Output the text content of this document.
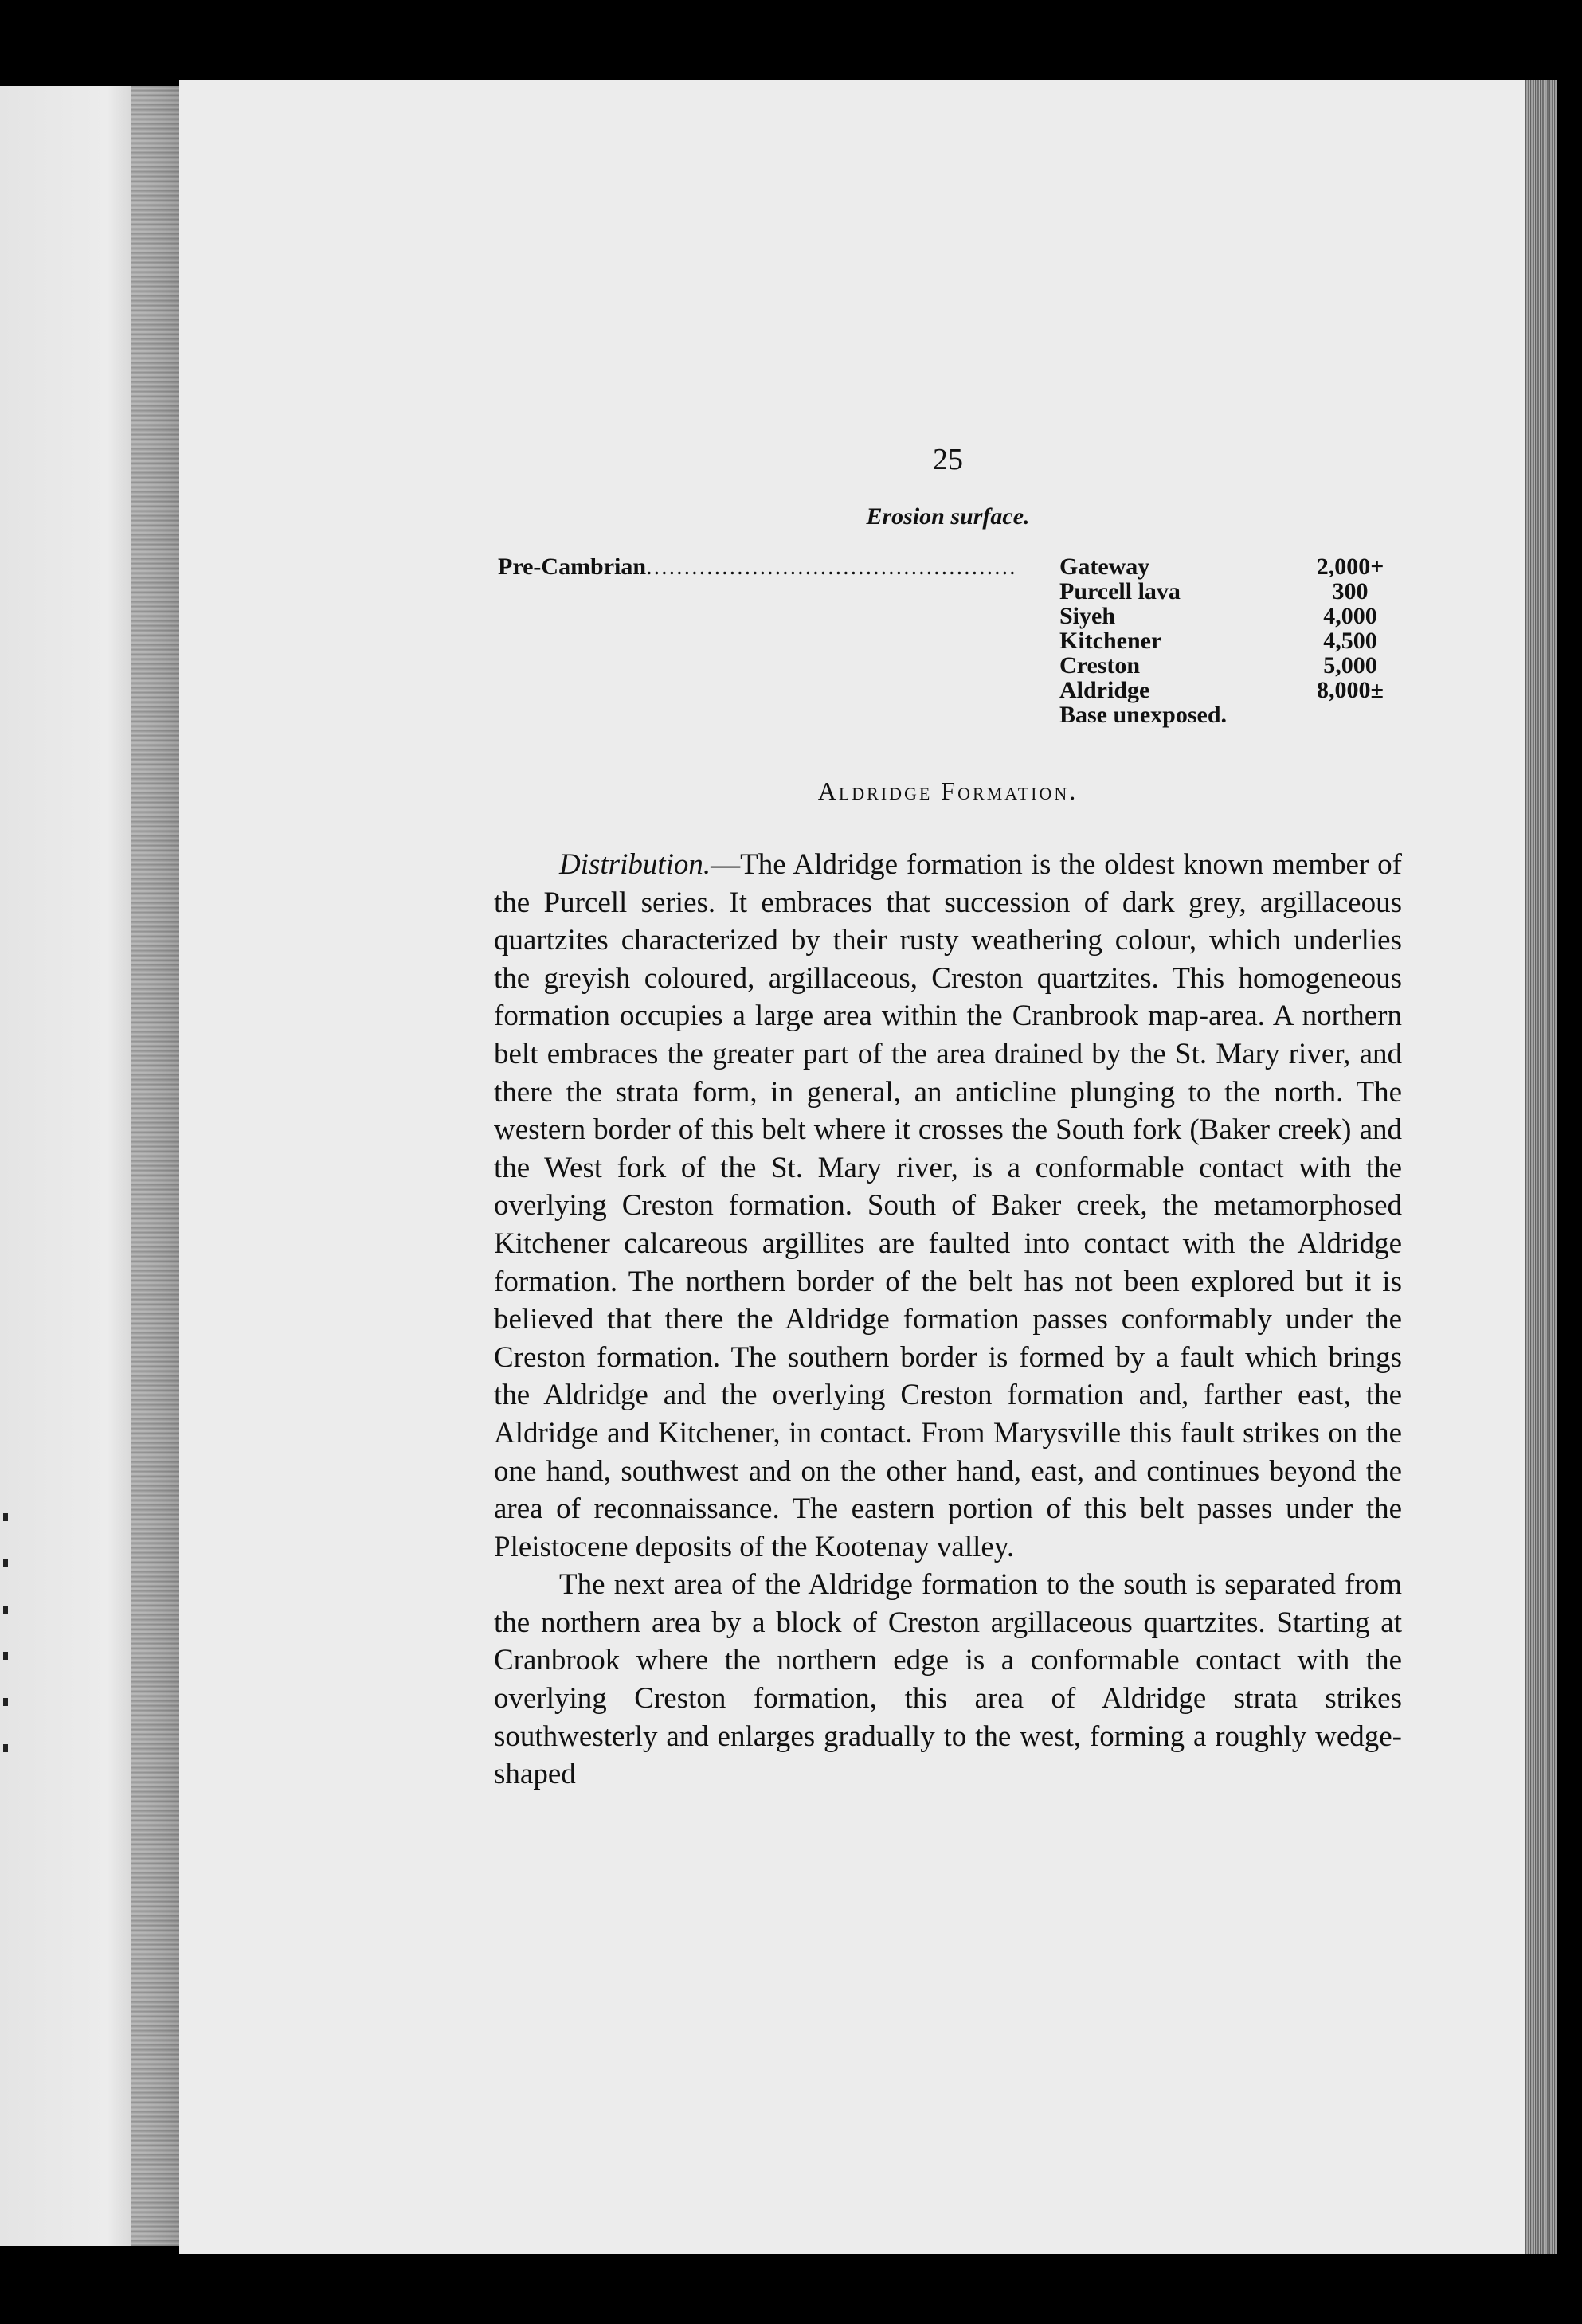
25
Erosion surface.
Pre-Cambrian.................................................	Gateway	2,000+
Purcell lava	300
Siyeh	4,000
Kitchener	4,500
Creston	5,000
Aldridge	8,000±
Base unexposed.
Aldridge Formation.

Distribution.—The Aldridge formation is the oldest known member of the Purcell series. It embraces that succession of dark grey, argillaceous quartzites characterized by their rusty weathering colour, which underlies the greyish coloured, argillaceous, Creston quartzites. This homogeneous formation occupies a large area within the Cranbrook map-area. A northern belt embraces the greater part of the area drained by the St. Mary river, and there the strata form, in general, an anticline plunging to the north. The western border of this belt where it crosses the South fork (Baker creek) and the West fork of the St. Mary river, is a conformable contact with the overlying Creston formation. South of Baker creek, the metamorphosed Kitchener calcareous argillites are faulted into contact with the Aldridge formation. The northern border of the belt has not been explored but it is believed that there the Aldridge formation passes conformably under the Creston formation. The southern border is formed by a fault which brings the Aldridge and the overlying Creston formation and, farther east, the Aldridge and Kitchener, in contact. From Marysville this fault strikes on the one hand, southwest and on the other hand, east, and continues beyond the area of reconnaissance. The eastern portion of this belt passes under the Pleistocene deposits of the Kootenay valley.

The next area of the Aldridge formation to the south is separated from the northern area by a block of Creston argillaceous quartzites. Starting at Cranbrook where the northern edge is a conformable contact with the overlying Creston formation, this area of Aldridge strata strikes southwesterly and enlarges gradually to the west, forming a roughly wedge-shaped
